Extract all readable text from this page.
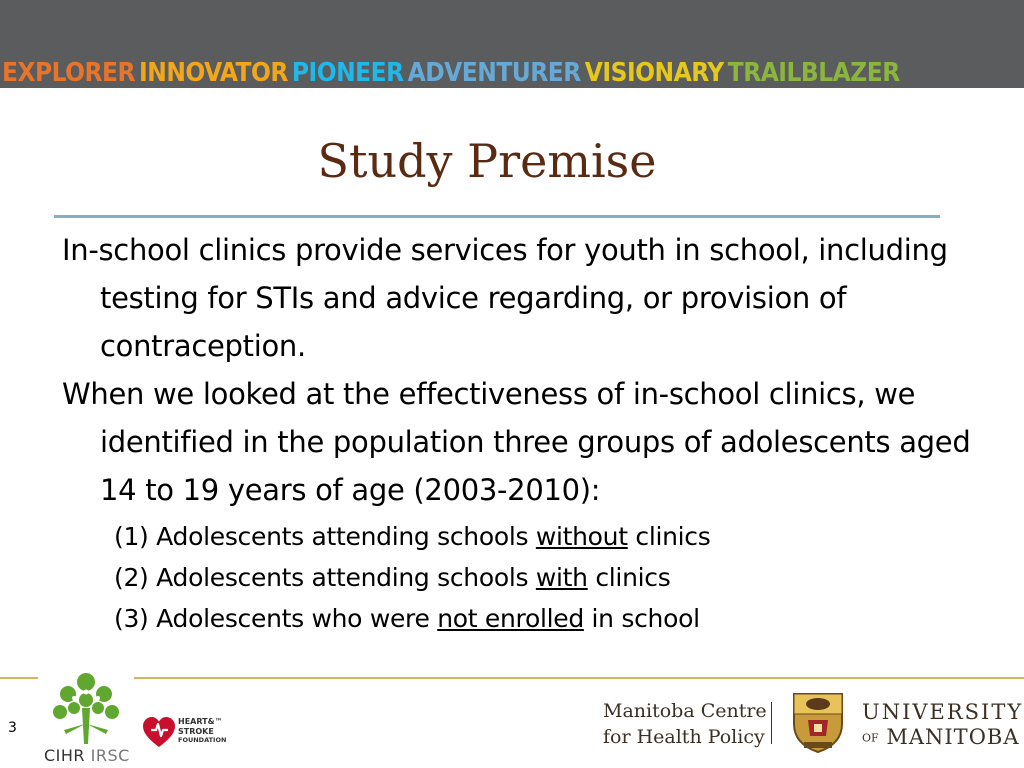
EXPLORER INNOVATOR PIONEER ADVENTURER VISIONARY TRAILBLAZER
Study Premise

In-school clinics provide services for youth in school, including testing for STIs and advice regarding, or provision of contraception.

When we looked at the effectiveness of in-school clinics, we identified in the population three groups of adolescents aged 14 to 19 years of age (2003-2010):

(1) Adolescents attending schools without clinics

(2) Adolescents attending schools with clinics

(3) Adolescents who were not enrolled in school

3
CIHR IRSC
HEART&™
STROKE
FOUNDATION
Manitoba Centre
for Health Policy
UNIVERSITY
OF MANITOBA
